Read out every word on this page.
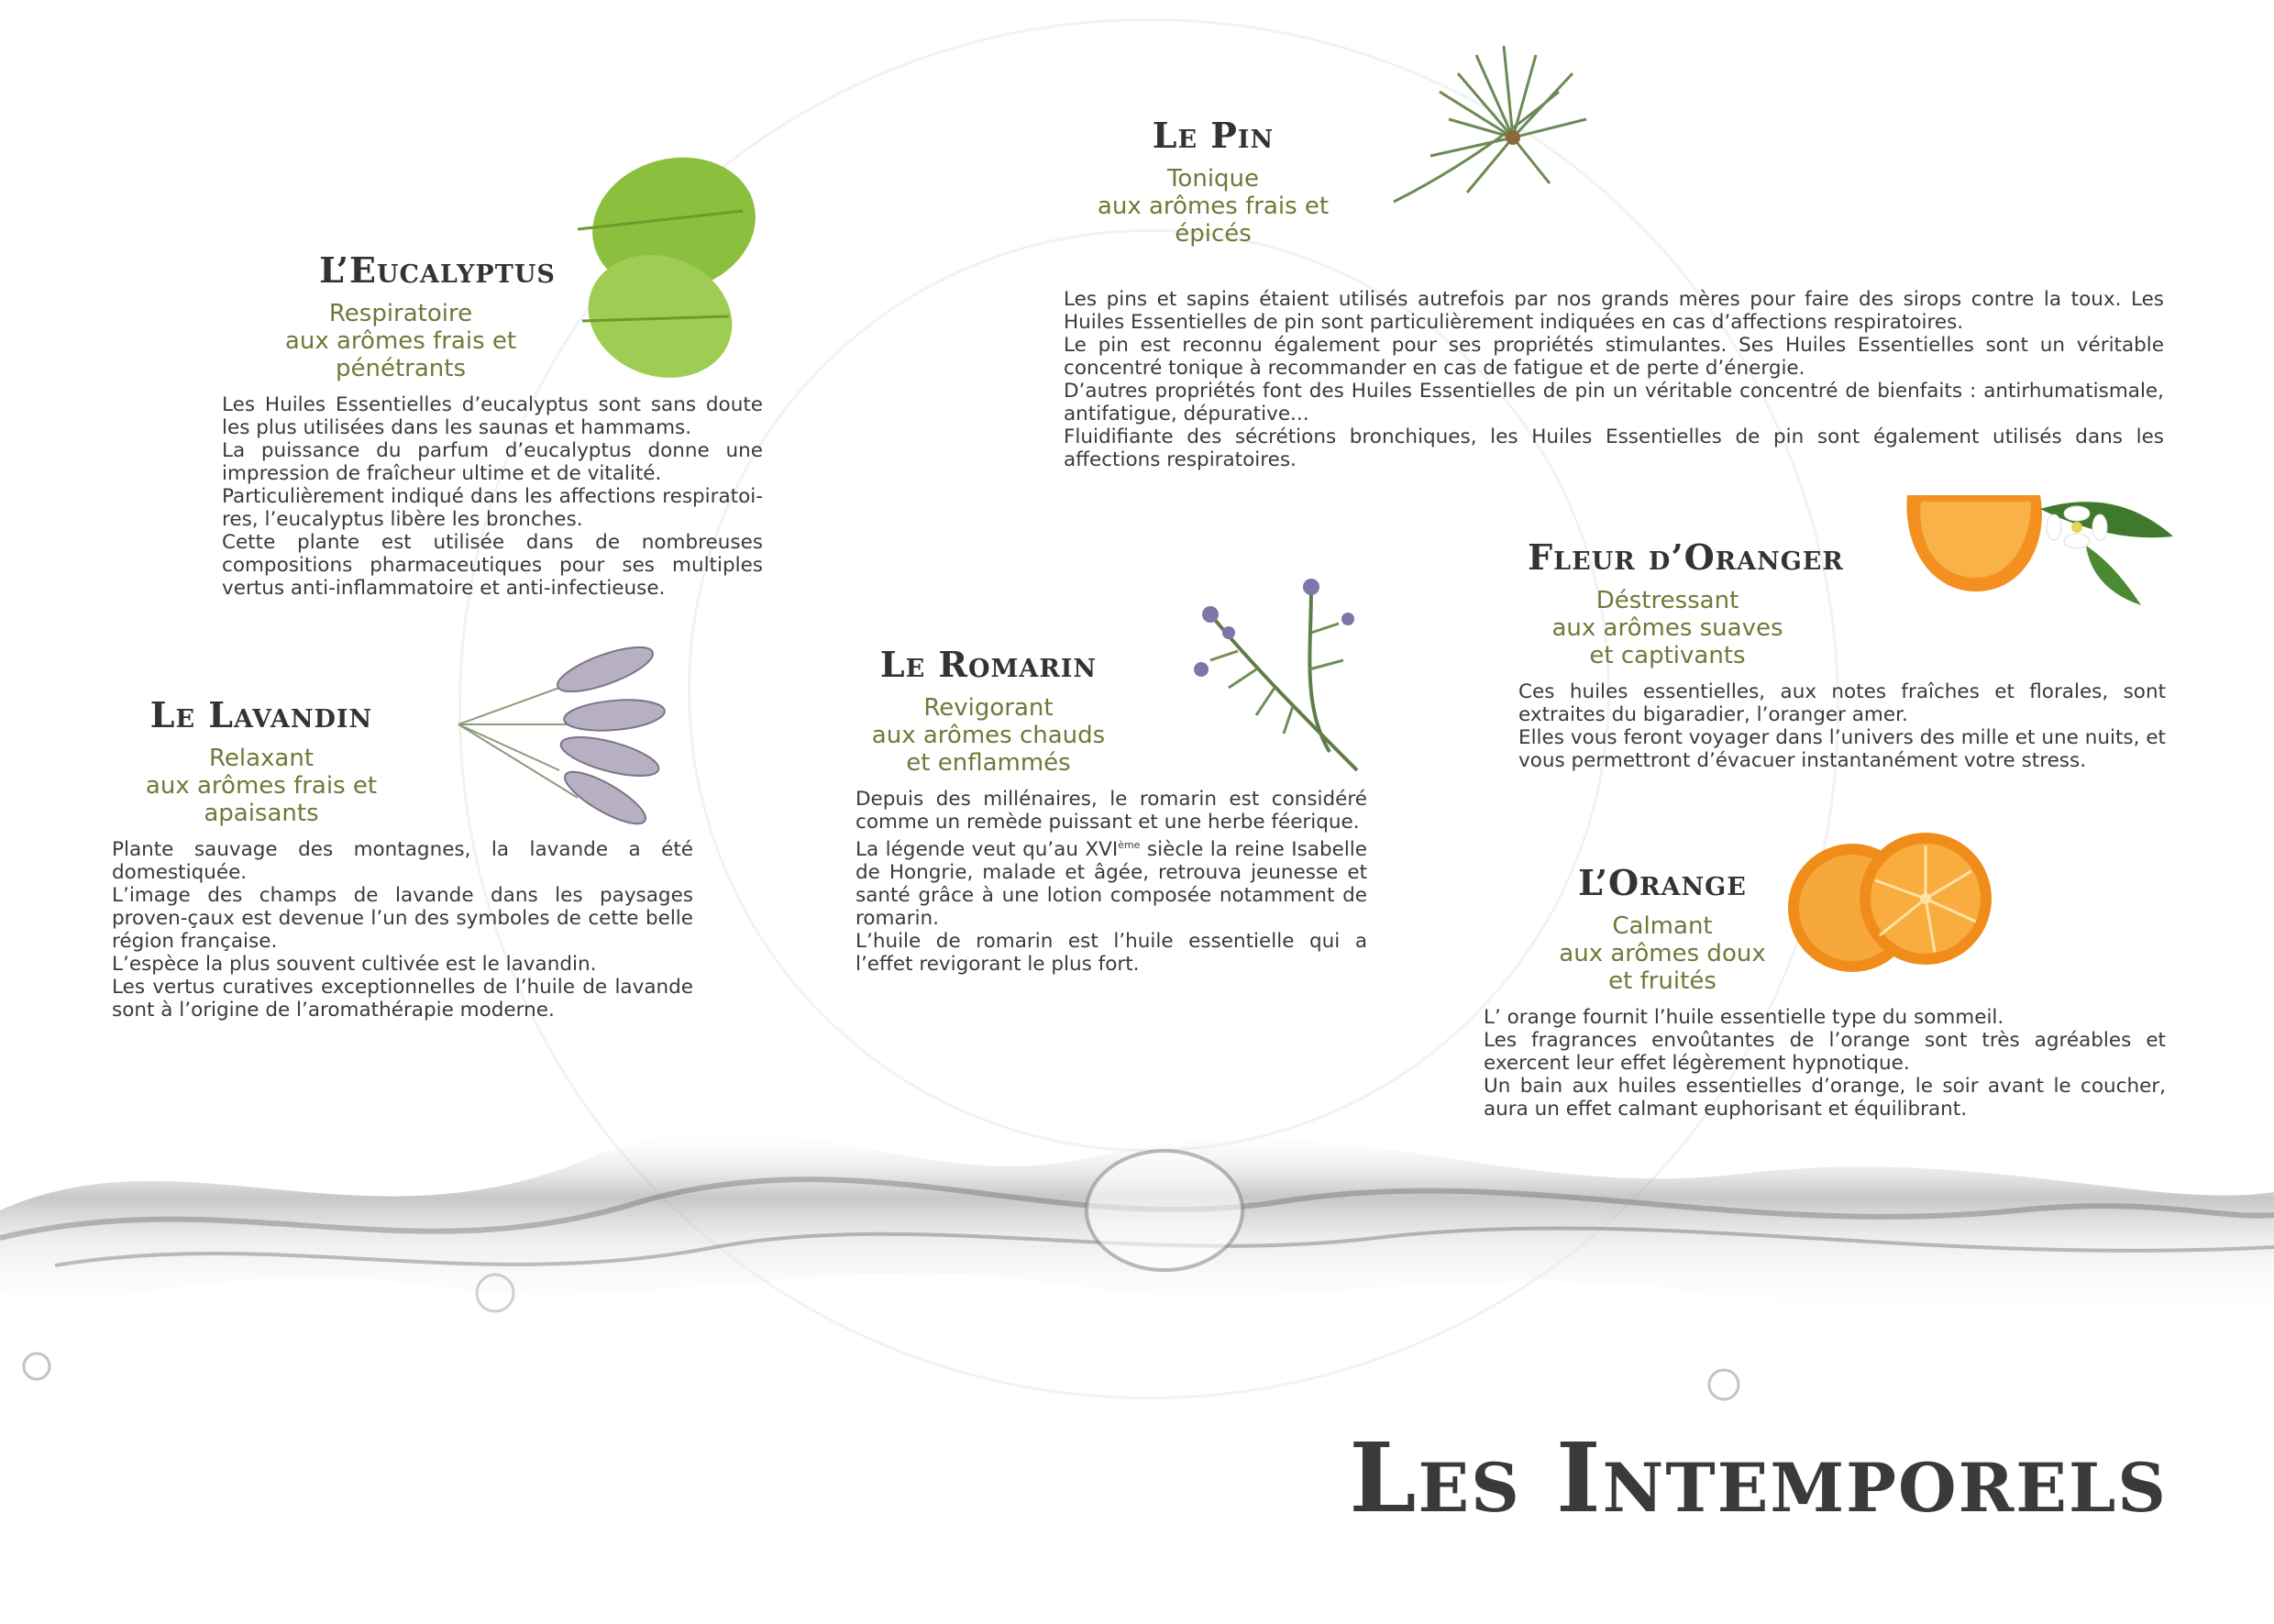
L’Eucalyptus
Respiratoire
aux arômes frais et
pénétrants

Les Huiles Essentielles d’eucalyptus sont sans doute les plus utilisées dans les saunas et hammams.

La puissance du parfum d’eucalyptus donne une impression de fraîcheur ultime et de vitalité.

Particulièrement indiqué dans les affections respiratoi-res, l’eucalyptus libère les bronches.

Cette plante est utilisée dans de nombreuses compositions pharmaceutiques pour ses multiples vertus anti-inflammatoire et anti-infectieuse.

Le Pin
Tonique
aux arômes frais et épicés

Les pins et sapins étaient utilisés autrefois par nos grands mères pour faire des sirops contre la toux. Les Huiles Essentielles de pin sont particulièrement indiquées en cas d’affections respiratoires.

Le pin est reconnu également pour ses propriétés stimulantes. Ses Huiles Essentielles sont un véritable concentré tonique à recommander en cas de fatigue et de perte d’énergie.

D’autres propriétés font des Huiles Essentielles de pin un véritable concentré de bienfaits : antirhumatismale, antifatigue, dépurative...

Fluidifiante des sécrétions bronchiques, les Huiles Essentielles de pin sont également utilisés dans les affections respiratoires.

Le Lavandin
Relaxant
aux arômes frais et
apaisants

Plante sauvage des montagnes, la lavande a été domestiquée.

L’image des champs de lavande dans les paysages proven-çaux est devenue l’un des symboles de cette belle région française.

L’espèce la plus souvent cultivée est le lavandin.

Les vertus curatives exceptionnelles de l’huile de lavande sont à l’origine de l’aromathérapie moderne.

Le Romarin
Revigorant
aux arômes chauds
et enflammés

Depuis des millénaires, le romarin est considéré comme un remède puissant et une herbe féerique.

La légende veut qu’au XVIème siècle la reine Isabelle de Hongrie, malade et âgée, retrouva jeunesse et santé grâce à une lotion composée notamment de romarin.

L’huile de romarin est l’huile essentielle qui a l’effet revigorant le plus fort.

Fleur d’Oranger
Déstressant
aux arômes suaves
et captivants

Ces huiles essentielles, aux notes fraîches et florales, sont extraites du bigaradier, l’oranger amer.

Elles vous feront voyager dans l’univers des mille et une nuits, et vous permettront d’évacuer instantanément votre stress.

L’Orange
Calmant
aux arômes doux
et fruités

L’ orange fournit l’huile essentielle type du sommeil.

Les fragrances envoûtantes de l’orange sont très agréables et exercent leur effet légèrement hypnotique.

Un bain aux huiles essentielles d’orange, le soir avant le coucher, aura un effet calmant euphorisant et équilibrant.

Les Intemporels
